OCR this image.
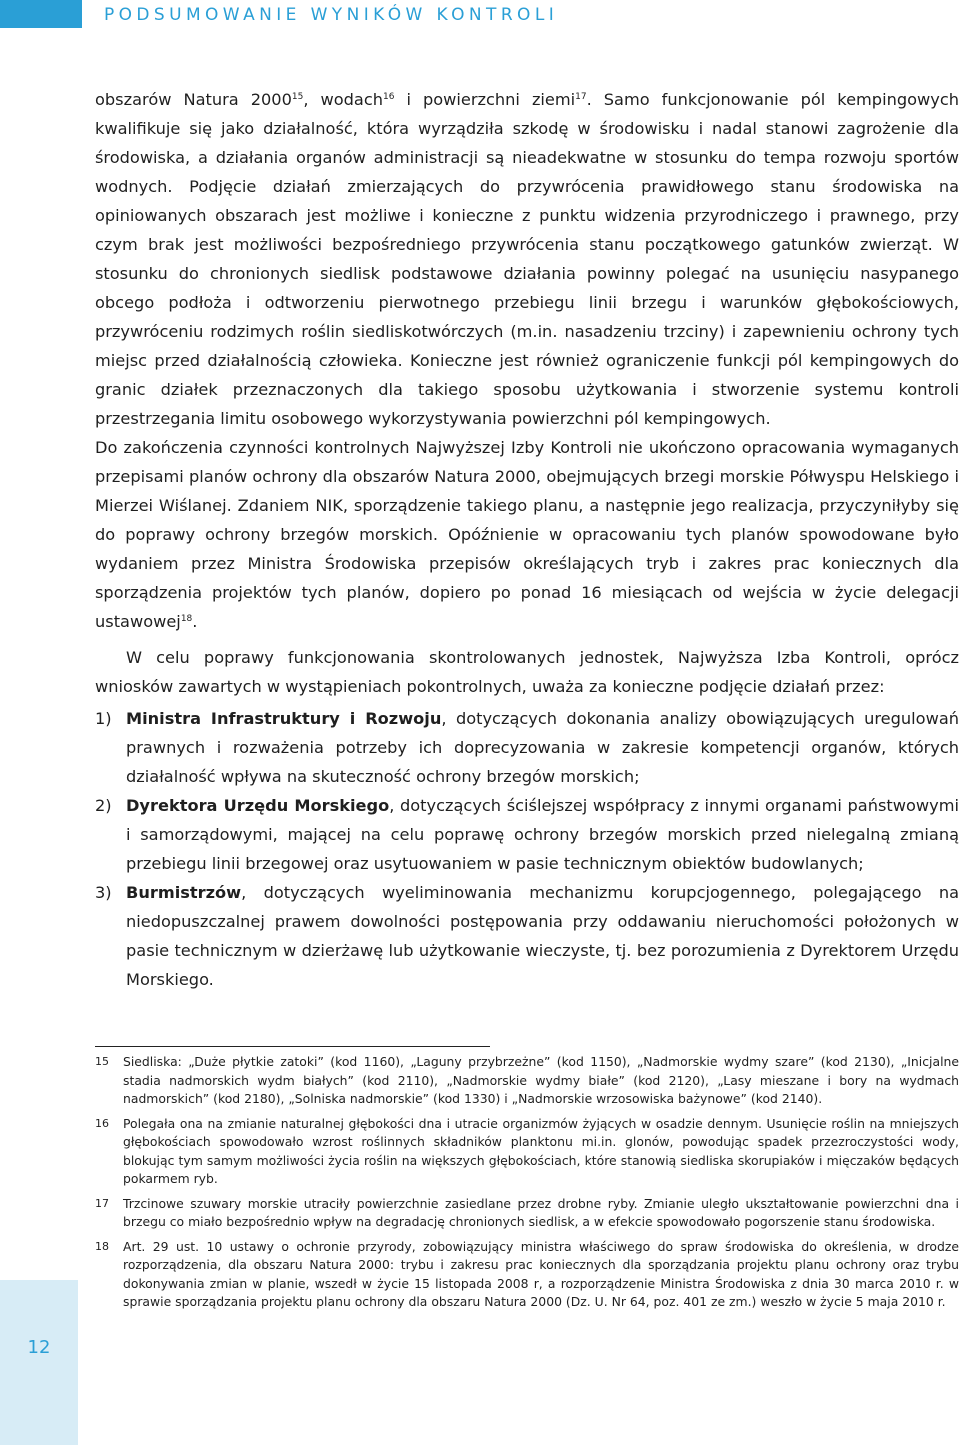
PODSUMOWANIE WYNIKÓW KONTROLI

obszarów Natura 2000$^{15}$, wodach$^{16}$ i powierzchni ziemi$^{17}$. Samo funkcjonowanie pól kempingowych kwalifikuje się jako działalność, która wyrządziła szkodę w środowisku i nadal stanowi zagrożenie dla środowiska, a działania organów administracji są nieadekwatne w stosunku do tempa rozwoju sportów wodnych. Podjęcie działań zmierzających do przywrócenia prawidłowego stanu środowiska na opiniowanych obszarach jest możliwe i konieczne z punktu widzenia przyrodniczego i prawnego, przy czym brak jest możliwości bezpośredniego przywrócenia stanu początkowego gatunków zwierząt. W stosunku do chronionych siedlisk podstawowe działania powinny polegać na usunięciu nasypanego obcego podłoża i odtworzeniu pierwotnego przebiegu linii brzegu i warunków głębokościowych, przywróceniu rodzimych roślin siedliskotwórczych (m.in. nasadzeniu trzciny) i zapewnieniu ochrony tych miejsc przed działalnością człowieka. Konieczne jest również ograniczenie funkcji pól kempingowych do granic działek przeznaczonych dla takiego sposobu użytkowania i stworzenie systemu kontroli przestrzegania limitu osobowego wykorzystywania powierzchni pól kempingowych.

Do zakończenia czynności kontrolnych Najwyższej Izby Kontroli nie ukończono opracowania wymaganych przepisami planów ochrony dla obszarów Natura 2000, obejmujących brzegi morskie Półwyspu Helskiego i Mierzei Wiślanej. Zdaniem NIK, sporządzenie takiego planu, a następnie jego realizacja, przyczyniłyby się do poprawy ochrony brzegów morskich. Opóźnienie w opracowaniu tych planów spowodowane było wydaniem przez Ministra Środowiska przepisów określających tryb i zakres prac koniecznych dla sporządzenia projektów tych planów, dopiero po ponad 16 miesiącach od wejścia w życie delegacji ustawowej$^{18}$.

W celu poprawy funkcjonowania skontrolowanych jednostek, Najwyższa Izba Kontroli, oprócz wniosków zawartych w wystąpieniach pokontrolnych, uważa za konieczne podjęcie działań przez:

1) Ministra Infrastruktury i Rozwoju, dotyczących dokonania analizy obowiązujących uregulowań prawnych i rozważenia potrzeby ich doprecyzowania w zakresie kompetencji organów, których działalność wpływa na skuteczność ochrony brzegów morskich;
2) Dyrektora Urzędu Morskiego, dotyczących ściślejszej współpracy z innymi organami państwowymi i samorządowymi, mającej na celu poprawę ochrony brzegów morskich przed nielegalną zmianą przebiegu linii brzegowej oraz usytuowaniem w pasie technicznym obiektów budowlanych;
3) Burmistrzów, dotyczących wyeliminowania mechanizmu korupcjogennego, polegającego na niedopuszczalnej prawem dowolności postępowania przy oddawaniu nieruchomości położonych w pasie technicznym w dzierżawę lub użytkowanie wieczyste, tj. bez porozumienia z Dyrektorem Urzędu Morskiego.
15	Siedliska: „Duże płytkie zatoki” (kod 1160), „Laguny przybrzeżne” (kod 1150), „Nadmorskie wydmy szare” (kod 2130), „Inicjalne stadia nadmorskich wydm białych” (kod 2110), „Nadmorskie wydmy białe” (kod 2120), „Lasy mieszane i bory na wydmach nadmorskich” (kod 2180), „Solniska nadmorskie” (kod 1330) i „Nadmorskie wrzosowiska bażynowe” (kod 2140).
16	Polegała ona na zmianie naturalnej głębokości dna i utracie organizmów żyjących w osadzie dennym. Usunięcie roślin na mniejszych głębokościach spowodowało wzrost roślinnych składników planktonu mi.in. glonów, powodując spadek przezroczystości wody, blokując tym samym możliwości życia roślin na większych głębokościach, które stanowią siedliska skorupiaków i mięczaków będących pokarmem ryb.
17	Trzcinowe szuwary morskie utraciły powierzchnie zasiedlane przez drobne ryby. Zmianie uległo ukształtowanie powierzchni dna i brzegu co miało bezpośrednio wpływ na degradację chronionych siedlisk, a w efekcie spowodowało pogorszenie stanu środowiska.
18	Art. 29 ust. 10 ustawy o ochronie przyrody, zobowiązujący ministra właściwego do spraw środowiska do określenia, w drodze rozporządzenia, dla obszaru Natura 2000: trybu i zakresu prac koniecznych dla sporządzania projektu planu ochrony oraz trybu dokonywania zmian w planie, wszedł w życie 15 listopada 2008 r, a rozporządzenie Ministra Środowiska z dnia 30 marca 2010 r. w sprawie sporządzania projektu planu ochrony dla obszaru Natura 2000 (Dz. U. Nr 64, poz. 401 ze zm.) weszło w życie 5 maja 2010 r.
12
